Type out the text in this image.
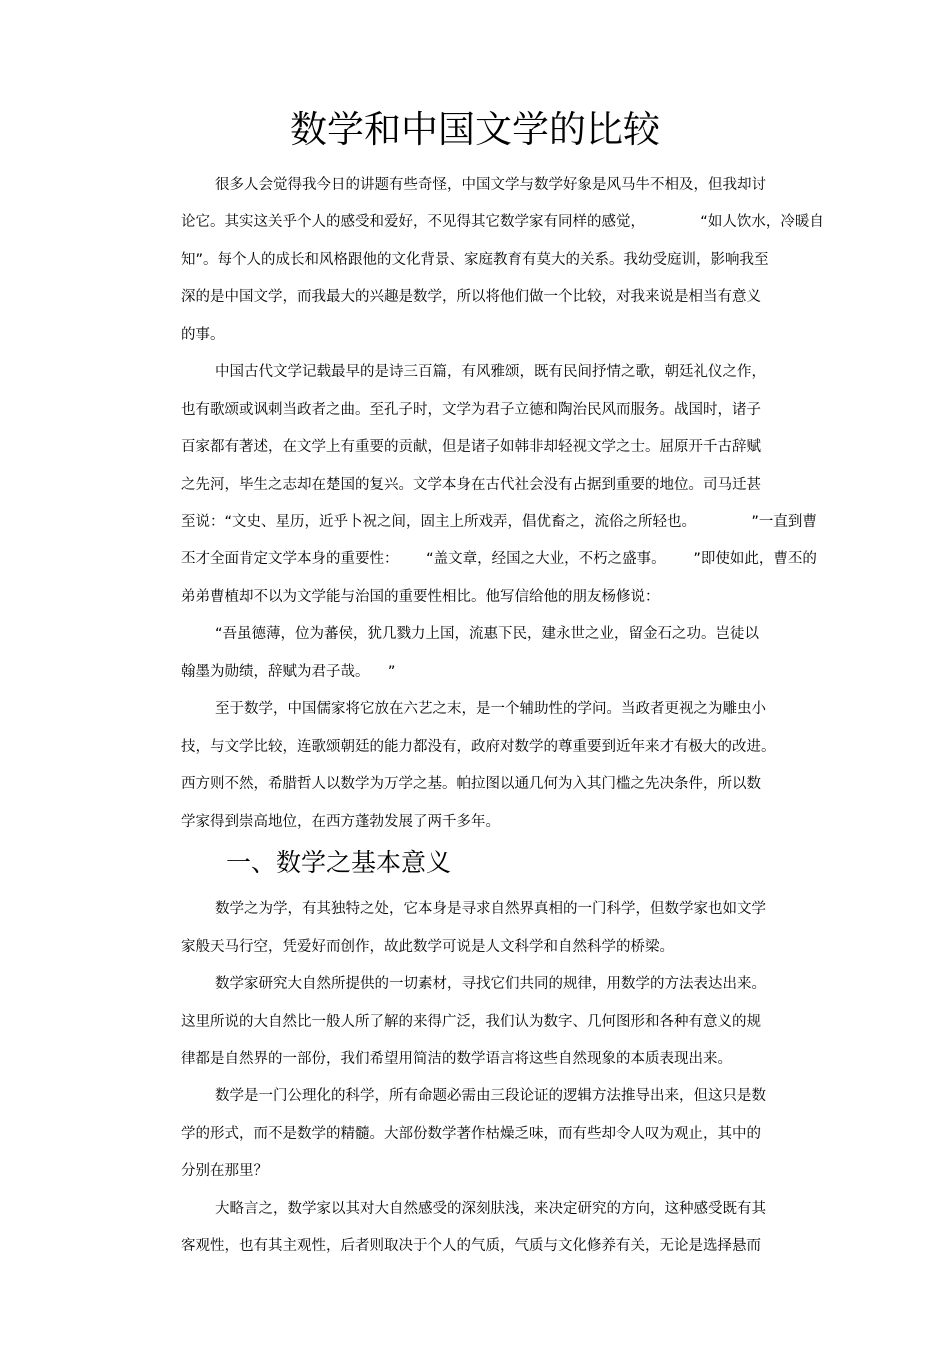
数学和中国文学的比较
很多人会觉得我今日的讲题有些奇怪，中国文学与数学好象是风马牛不相及，但我却讨
论它。其实这关乎个人的感受和爱好，不见得其它数学家有同样的感觉，            “如人饮水，冷暖自
知”。每个人的成长和风格跟他的文化背景、家庭教育有莫大的关系。我幼受庭训，影响我至
深的是中国文学，而我最大的兴趣是数学，所以将他们做一个比较，对我来说是相当有意义
的事。
中国古代文学记载最早的是诗三百篇，有风雅颂，既有民间抒情之歌，朝廷礼仪之作，
也有歌颂或讽刺当政者之曲。至孔子时，文学为君子立德和陶治民风而服务。战国时，诸子
百家都有著述，在文学上有重要的贡献，但是诸子如韩非却轻视文学之士。屈原开千古辞赋
之先河，毕生之志却在楚国的复兴。文学本身在古代社会没有占据到重要的地位。司马迁甚
至说：“文史、星历，近乎卜祝之间，固主上所戏弄，倡优畜之，流俗之所轻也。            ”一直到曹
丕才全面肯定文学本身的重要性：      “盖文章，经国之大业，不朽之盛事。      ”即使如此，曹丕的
弟弟曹植却不以为文学能与治国的重要性相比。他写信给他的朋友杨修说：
“吾虽德薄，位为蕃侯，犹几戮力上国，流惠下民，建永世之业，留金石之功。岂徒以
翰墨为勋绩，辞赋为君子哉。    ”
至于数学，中国儒家将它放在六艺之末，是一个辅助性的学问。当政者更视之为雕虫小
技，与文学比较，连歌颂朝廷的能力都没有，政府对数学的尊重要到近年来才有极大的改进。
西方则不然，希腊哲人以数学为万学之基。帕拉图以通几何为入其门槛之先决条件，所以数
学家得到崇高地位，在西方蓬勃发展了两千多年。
一、数学之基本意义
数学之为学，有其独特之处，它本身是寻求自然界真相的一门科学，但数学家也如文学
家般天马行空，凭爱好而创作，故此数学可说是人文科学和自然科学的桥梁。
数学家研究大自然所提供的一切素材，寻找它们共同的规律，用数学的方法表达出来。
这里所说的大自然比一般人所了解的来得广泛，我们认为数字、几何图形和各种有意义的规
律都是自然界的一部份，我们希望用简洁的数学语言将这些自然现象的本质表现出来。
数学是一门公理化的科学，所有命题必需由三段论证的逻辑方法推导出来，但这只是数
学的形式，而不是数学的精髓。大部份数学著作枯燥乏味，而有些却令人叹为观止，其中的
分别在那里？
大略言之，数学家以其对大自然感受的深刻肤浅，来决定研究的方向，这种感受既有其
客观性，也有其主观性，后者则取决于个人的气质，气质与文化修养有关，无论是选择悬而
